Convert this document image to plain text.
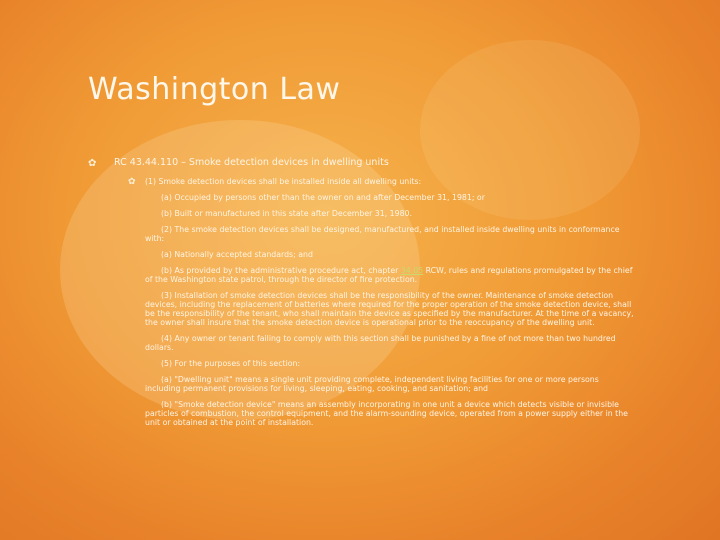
Washington Law
✿ RC 43.44.110 – Smoke detection devices in dwelling units
✿ (1) Smoke detection devices shall be installed inside all dwelling units:

(a) Occupied by persons other than the owner on and after December 31, 1981; or

(b) Built or manufactured in this state after December 31, 1980.

(2) The smoke detection devices shall be designed, manufactured, and installed inside dwelling units in conformance with:

(a) Nationally accepted standards; and

(b) As provided by the administrative procedure act, chapter 34.05 RCW, rules and regulations promulgated by the chief of the Washington state patrol, through the director of fire protection.

(3) Installation of smoke detection devices shall be the responsibility of the owner. Maintenance of smoke detection devices, including the replacement of batteries where required for the proper operation of the smoke detection device, shall be the responsibility of the tenant, who shall maintain the device as specified by the manufacturer. At the time of a vacancy, the owner shall insure that the smoke detection device is operational prior to the reoccupancy of the dwelling unit.

(4) Any owner or tenant failing to comply with this section shall be punished by a fine of not more than two hundred dollars.

(5) For the purposes of this section:

(a) "Dwelling unit" means a single unit providing complete, independent living facilities for one or more persons including permanent provisions for living, sleeping, eating, cooking, and sanitation; and

(b) "Smoke detection device" means an assembly incorporating in one unit a device which detects visible or invisible particles of combustion, the control equipment, and the alarm-sounding device, operated from a power supply either in the unit or obtained at the point of installation.
